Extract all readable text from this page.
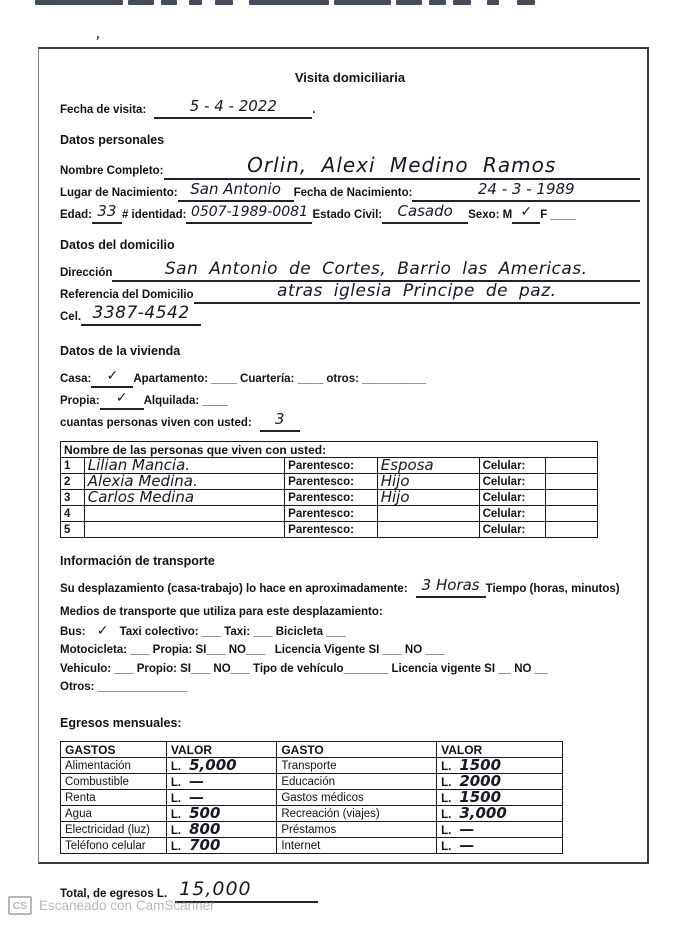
’
Visita domiciliaria
Fecha de visita:	5 - 4 - 2022	.
Datos personales
Nombre Completo:	Orlin, Alexi Medino Ramos
Lugar de Nacimiento: San Antonio	Fecha de Nacimiento:	24 - 3 - 1989
Edad: 33 # identidad: 0507-1989-0081 Estado Civil:	Casado	Sexo: M ✓ F ____
Datos del domicilio
Dirección	San Antonio de Cortes, Barrio las Americas.
Referencia del Domicilio	atras iglesia Principe de paz.
Cel. 3387-4542
Datos de la vivienda
Casa:	✓	Apartamento: ____ Cuartería: ____ otros: __________
Propia:	✓	Alquilada: ____
cuantas personas viven con usted:	3
Nombre de las personas que viven con usted:					
1	Lilian Mancia.	Parentesco:	Esposa	Celular:	
2	Alexia Medina.	Parentesco:	Hijo	Celular:	
3	Carlos Medina	Parentesco:	Hijo	Celular:	
4		Parentesco:		Celular:	
5		Parentesco:		Celular:	
Información de transporte
Su desplazamiento (casa-trabajo) lo hace en aproximadamente: 3 Horas Tiempo (horas, minutos)
Medios de transporte que utiliza para este desplazamiento:
Bus: ✓ Taxi colectivo: ___ Taxi: ___ Bicicleta ___
Motocicleta: ___ Propia: SI___ NO___   Licencia Vigente SI ___ NO ___
Vehiculo: ___ Propio: SI___ NO___ Tipo de vehículo_______ Licencia vigente SI __ NO __
Otros: ______________
Egresos mensuales:
GASTOS	VALOR	GASTO	VALOR
Alimentación	L. 5,000	Transporte	L. 1500
Combustible	L. —	Educación	L. 2000
Renta	L. —	Gastos médicos	L. 1500
Agua	L. 500	Recreación (viajes)	L. 3,000
Electricidad (luz)	L. 800	Préstamos	L. —
Teléfono celular	L. 700	Internet	L. —
Total, de egresos L. 15,000
CS Escaneado con CamScanner
